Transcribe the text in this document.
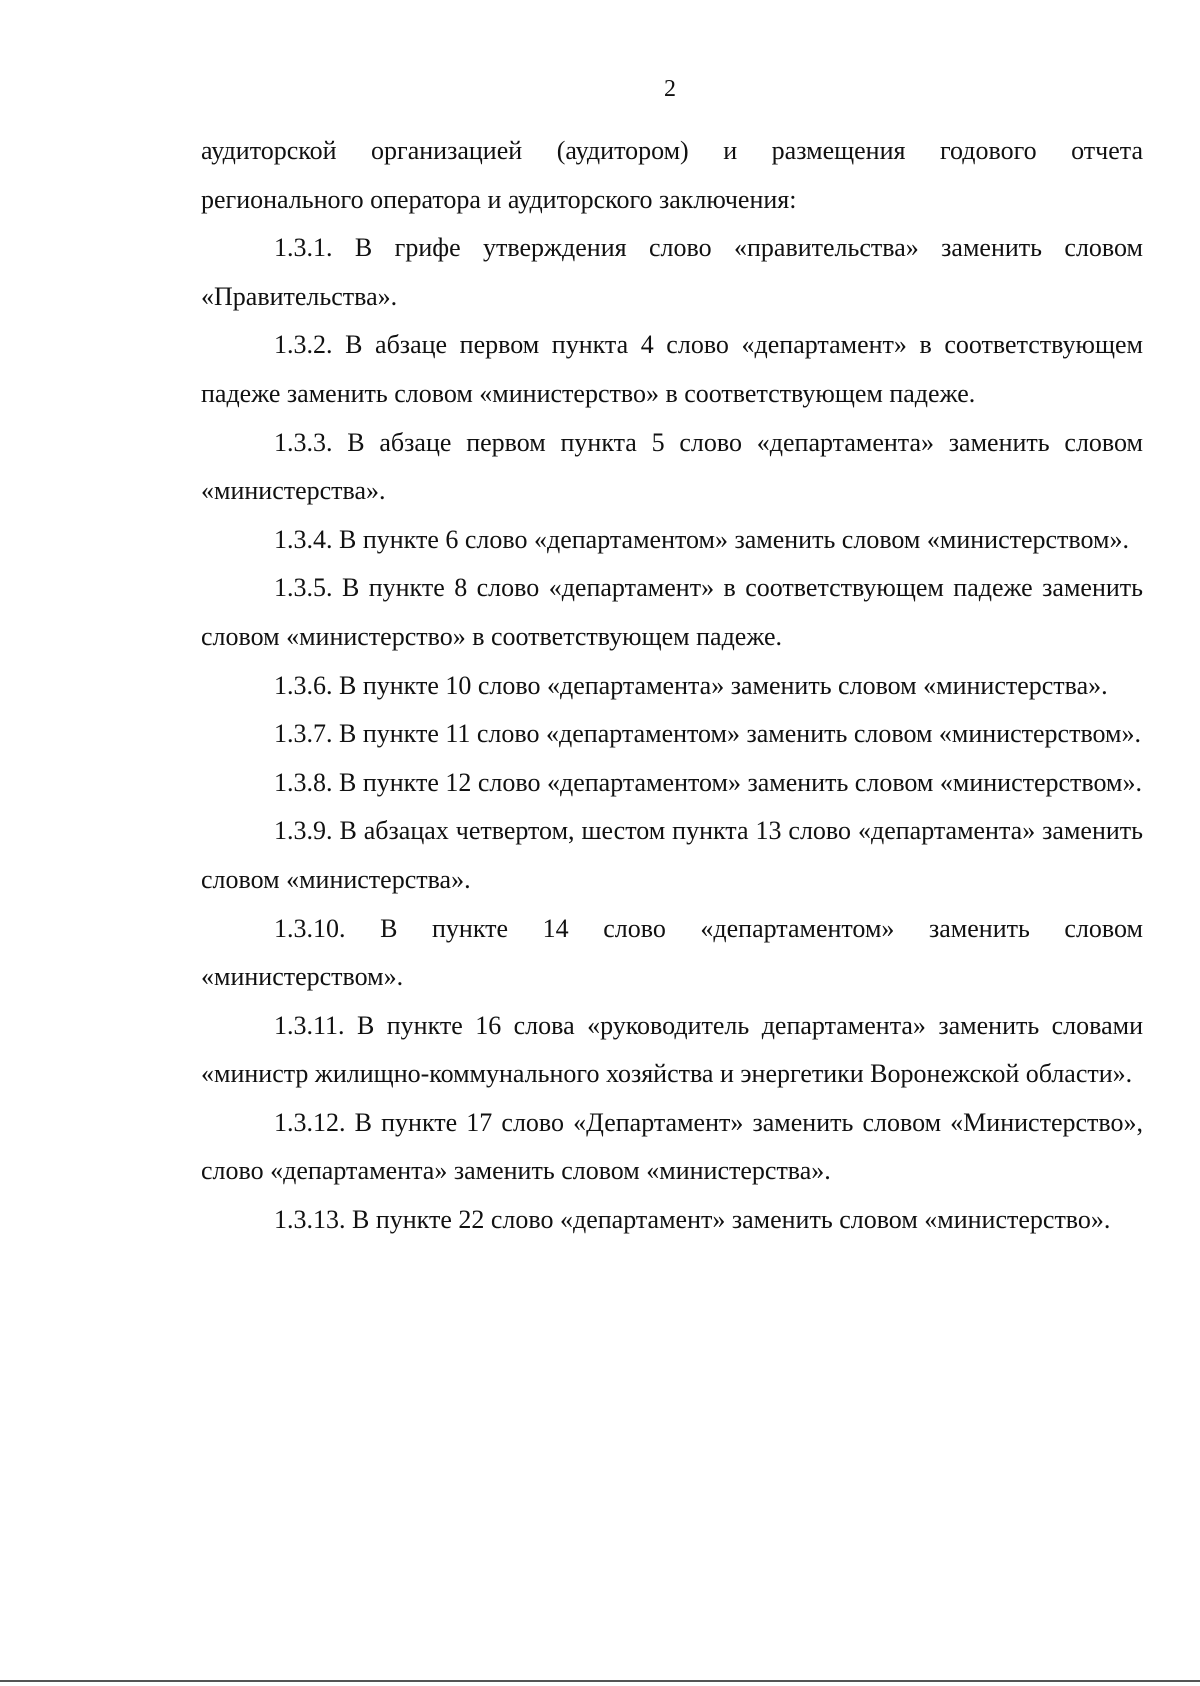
2

аудиторской организацией (аудитором) и размещения годового отчета регионального оператора и аудиторского заключения:

1.3.1. В грифе утверждения слово «правительства» заменить словом «Правительства».

1.3.2. В абзаце первом пункта 4 слово «департамент» в соответствующем падеже заменить словом «министерство» в соответствующем падеже.

1.3.3. В абзаце первом пункта 5 слово «департамента» заменить словом «министерства».

1.3.4. В пункте 6 слово «департаментом» заменить словом «министерством».

1.3.5. В пункте 8 слово «департамент» в соответствующем падеже заменить словом «министерство» в соответствующем падеже.

1.3.6. В пункте 10 слово «департамента» заменить словом «министерства».

1.3.7. В пункте 11 слово «департаментом» заменить словом «министерством».

1.3.8. В пункте 12 слово «департаментом» заменить словом «министерством».

1.3.9. В абзацах четвертом, шестом пункта 13 слово «департамента» заменить словом «министерства».

1.3.10. В пункте 14 слово «департаментом» заменить словом «министерством».

1.3.11. В пункте 16 слова «руководитель департамента» заменить словами «министр жилищно-коммунального хозяйства и энергетики Воронежской области».

1.3.12. В пункте 17 слово «Департамент» заменить словом «Министерство», слово «департамента» заменить словом «министерства».

1.3.13. В пункте 22 слово «департамент» заменить словом «министерство».
